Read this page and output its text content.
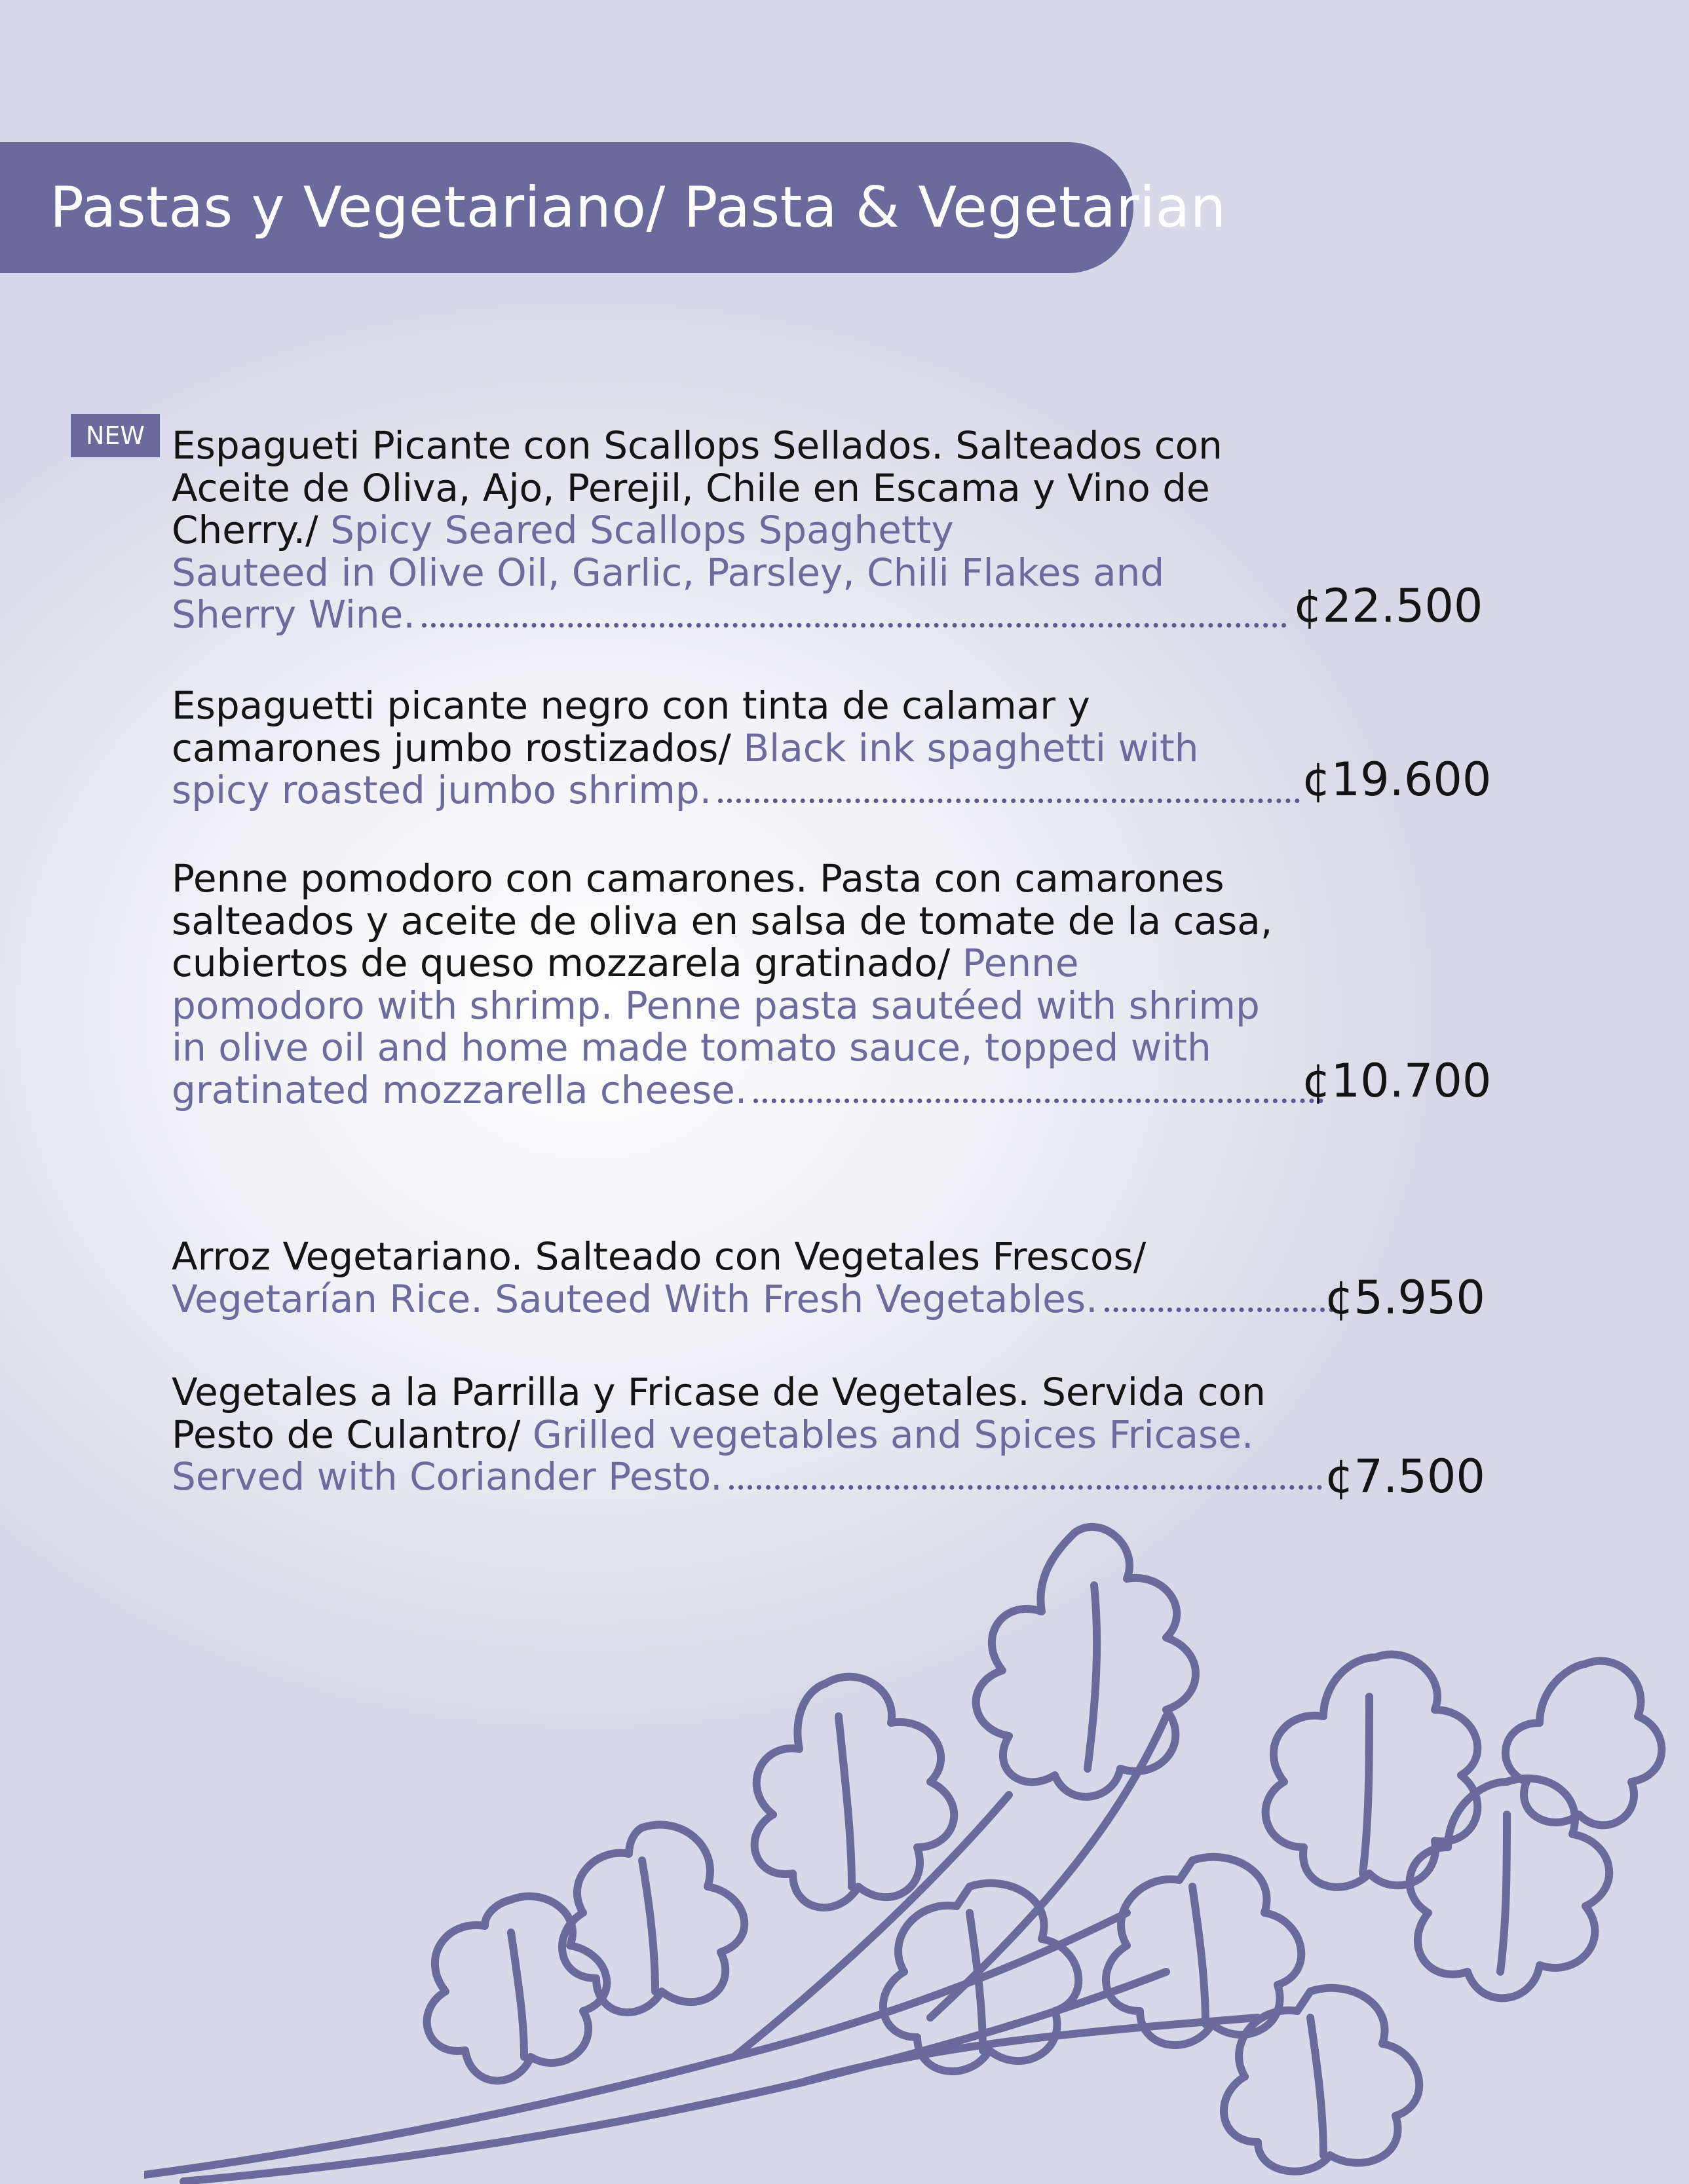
Pastas y Vegetariano/ Pasta & Vegetarian
NEW Espagueti Picante con Scallops Sellados. Salteados con
Aceite de Oliva, Ajo, Perejil, Chile en Escama y Vino de
Cherry./ Spicy Seared Scallops Spaghetty
Sauteed in Olive Oil, Garlic, Parsley, Chili Flakes and
Sherry Wine.	¢22.500
Espaguetti picante negro con tinta de calamar y
camarones jumbo rostizados/ Black ink spaghetti with
spicy roasted jumbo shrimp.	¢19.600
Penne pomodoro con camarones. Pasta con camarones
salteados y aceite de oliva en salsa de tomate de la casa,
cubiertos de queso mozzarela gratinado/ Penne
pomodoro with shrimp. Penne pasta sautéed with shrimp
in olive oil and home made tomato sauce, topped with
gratinated mozzarella cheese.	¢10.700
Arroz Vegetariano. Salteado con Vegetales Frescos/
Vegetarían Rice. Sauteed With Fresh Vegetables.	¢5.950
Vegetales a la Parrilla y Fricase de Vegetales. Servida con
Pesto de Culantro/ Grilled vegetables and Spices Fricase.
Served with Coriander Pesto.	¢7.500
